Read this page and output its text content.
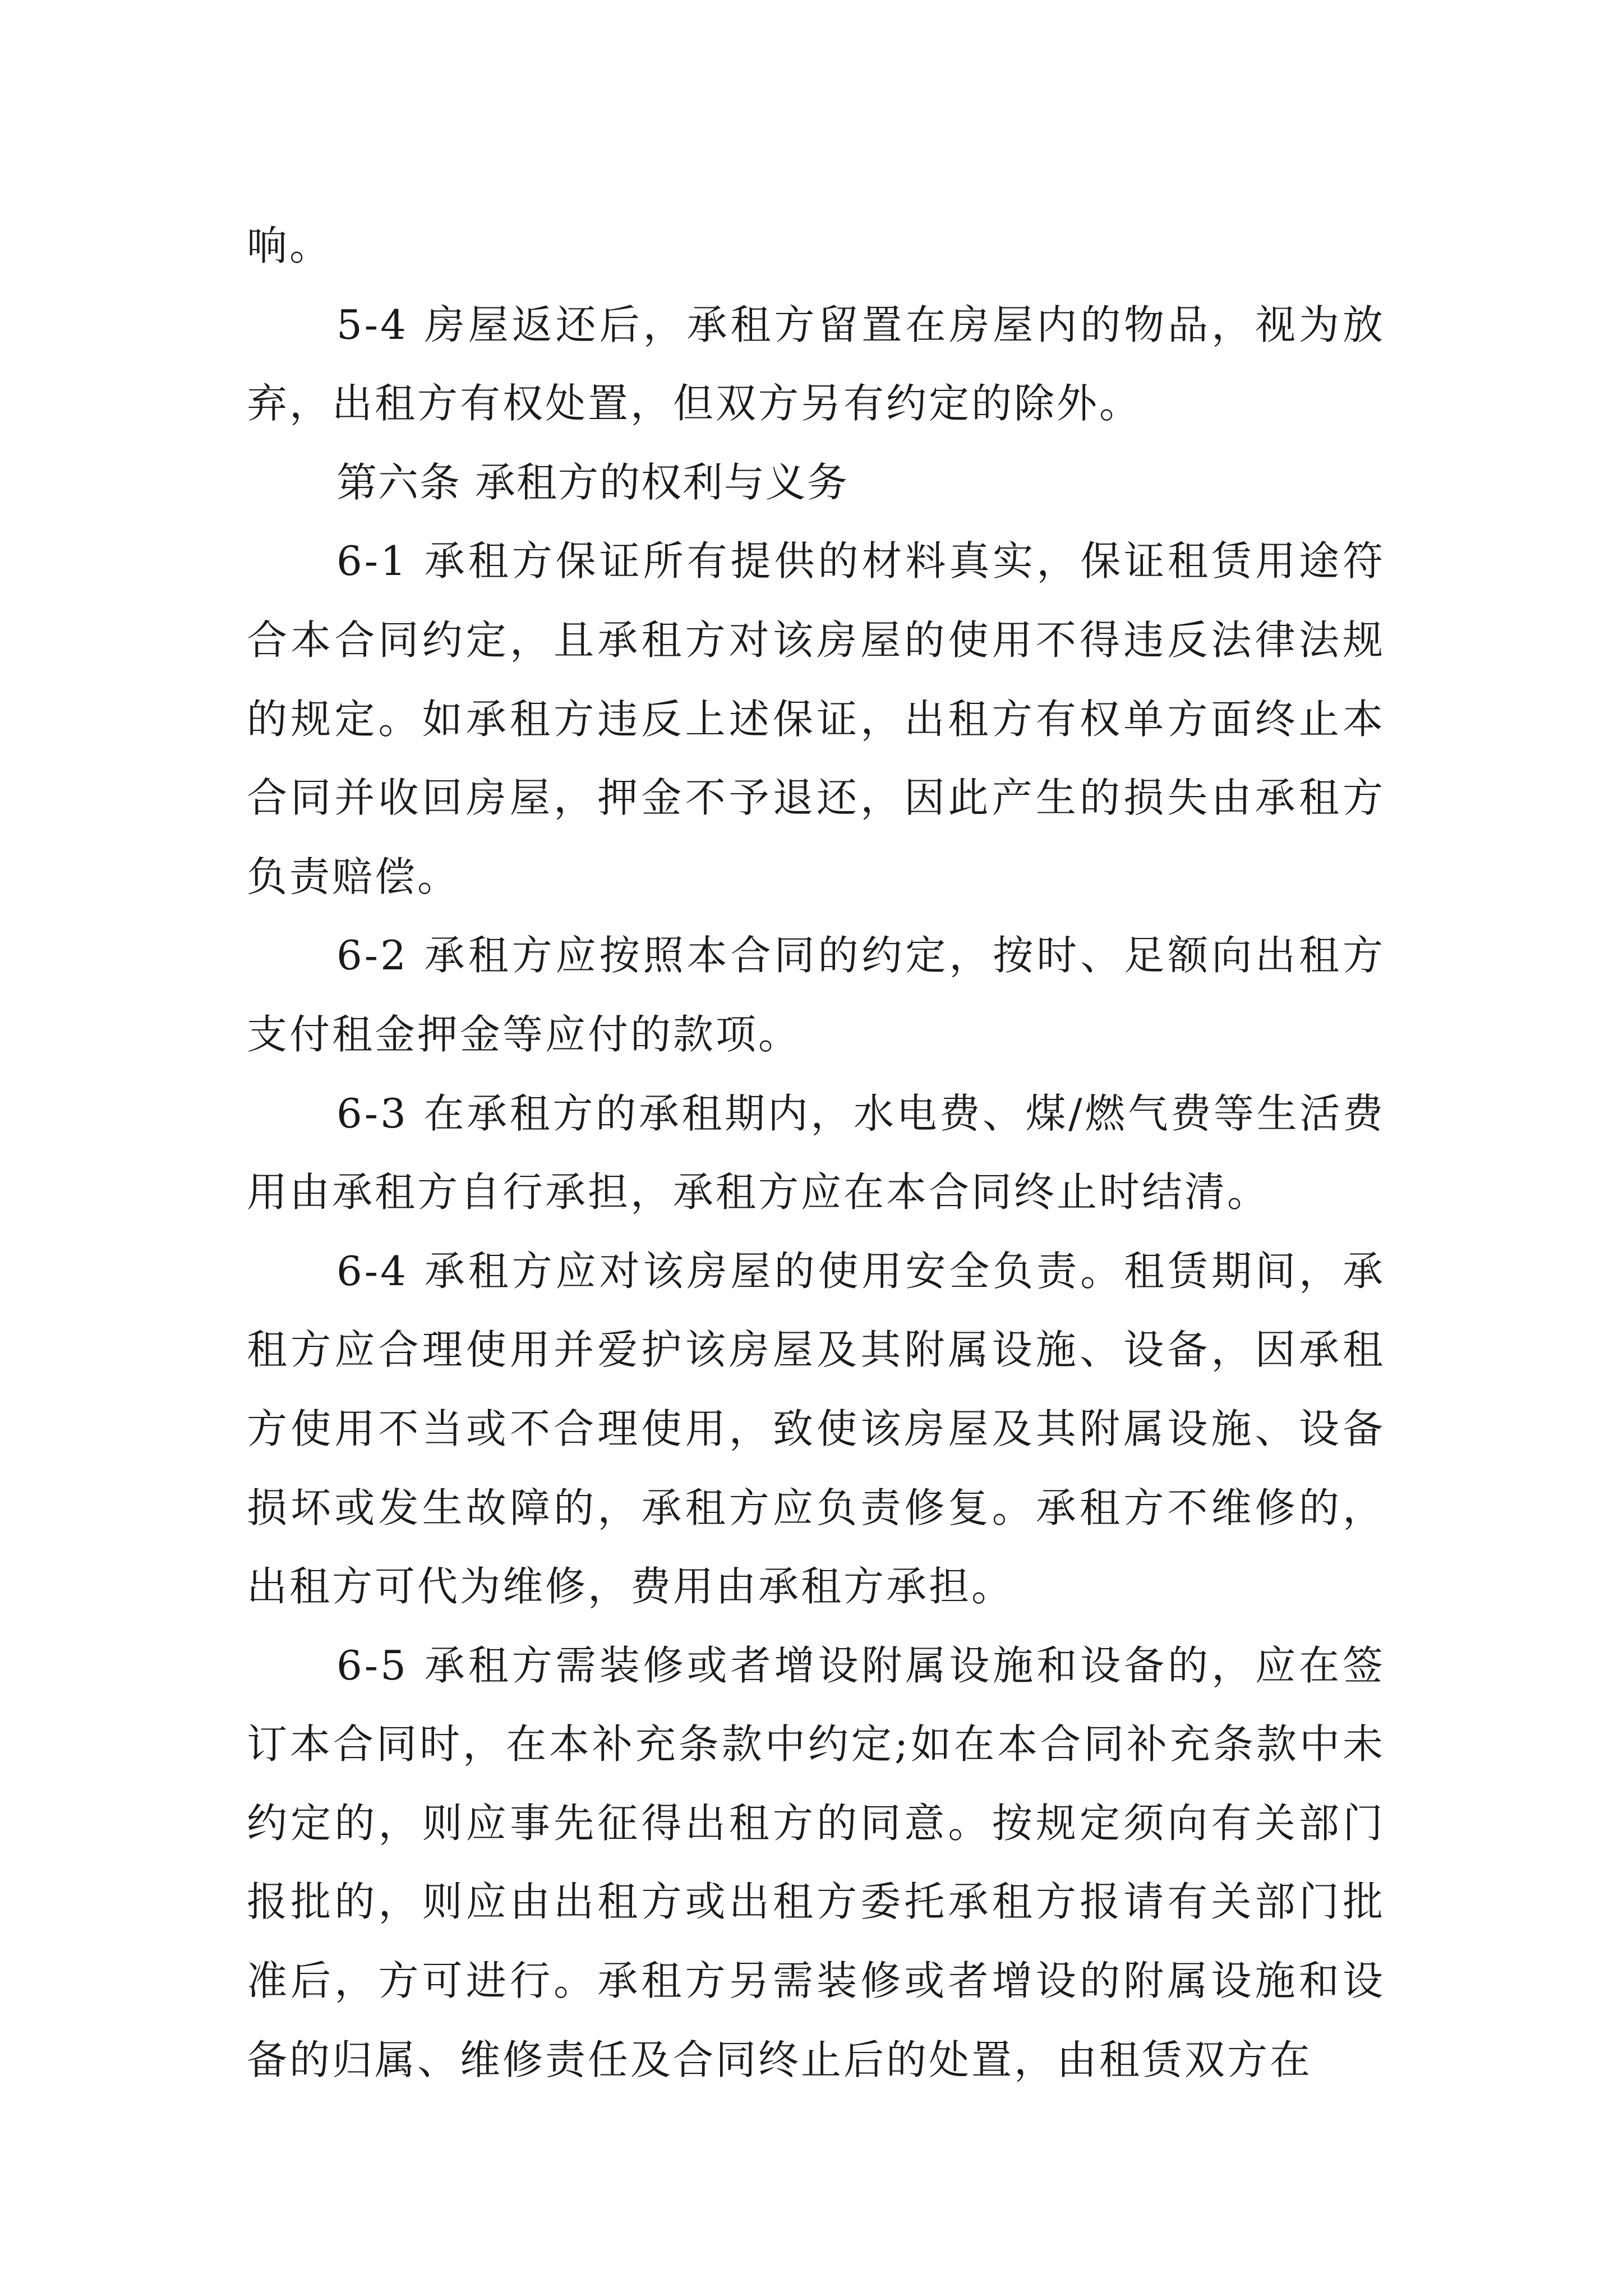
响。

5-4 房屋返还后，承租方留置在房屋内的物品，视为放弃，出租方有权处置，但双方另有约定的除外。

第六条 承租方的权利与义务

6-1 承租方保证所有提供的材料真实，保证租赁用途符合本合同约定，且承租方对该房屋的使用不得违反法律法规的规定。如承租方违反上述保证，出租方有权单方面终止本合同并收回房屋，押金不予退还，因此产生的损失由承租方负责赔偿。

6-2 承租方应按照本合同的约定，按时、足额向出租方支付租金押金等应付的款项。

6-3 在承租方的承租期内，水电费、煤/燃气费等生活费用由承租方自行承担，承租方应在本合同终止时结清。

6-4 承租方应对该房屋的使用安全负责。租赁期间，承租方应合理使用并爱护该房屋及其附属设施、设备，因承租方使用不当或不合理使用，致使该房屋及其附属设施、设备损坏或发生故障的，承租方应负责修复。承租方不维修的，出租方可代为维修，费用由承租方承担。

6-5 承租方需装修或者增设附属设施和设备的，应在签订本合同时，在本补充条款中约定;如在本合同补充条款中未约定的，则应事先征得出租方的同意。按规定须向有关部门报批的，则应由出租方或出租方委托承租方报请有关部门批准后，方可进行。承租方另需装修或者增设的附属设施和设备的归属、维修责任及合同终止后的处置，由租赁双方在
